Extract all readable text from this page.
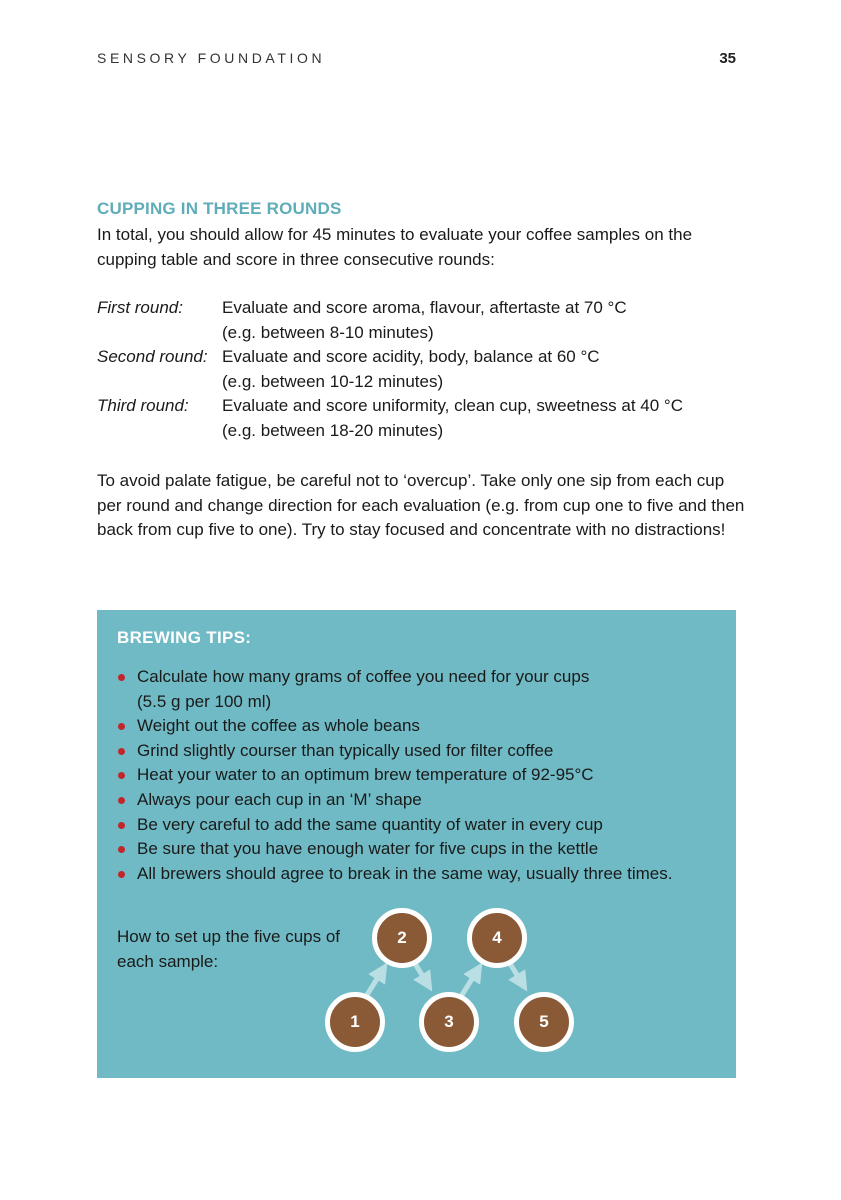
SENSORY FOUNDATION	35
CUPPING IN THREE ROUNDS
In total, you should allow for 45 minutes to evaluate your coffee samples on the cupping table and score in three consecutive rounds:
First round:	Evaluate and score aroma, flavour, aftertaste at 70 °C
(e.g. between 8-10 minutes)
Second round: Evaluate and score acidity, body, balance at 60 °C
(e.g. between 10-12 minutes)
Third round:	Evaluate and score uniformity, clean cup, sweetness at 40 °C
(e.g. between 18-20 minutes)
To avoid palate fatigue, be careful not to ‘overcup’. Take only one sip from each cup per round and change direction for each evaluation (e.g. from cup one to five and then back from cup five to one). Try to stay focused and concentrate with no distractions!
BREWING TIPS:
Calculate how many grams of coffee you need for your cups
(5.5 g per 100 ml)
Weight out the coffee as whole beans
Grind slightly courser than typically used for filter coffee
Heat your water to an optimum brew temperature of 92-95°C
Always pour each cup in an ‘M’ shape
Be very careful to add the same quantity of water in every cup
Be sure that you have enough water for five cups in the kettle
All brewers should agree to break in the same way, usually three times.
How to set up the five cups of each sample:
1
2
3
4
5
